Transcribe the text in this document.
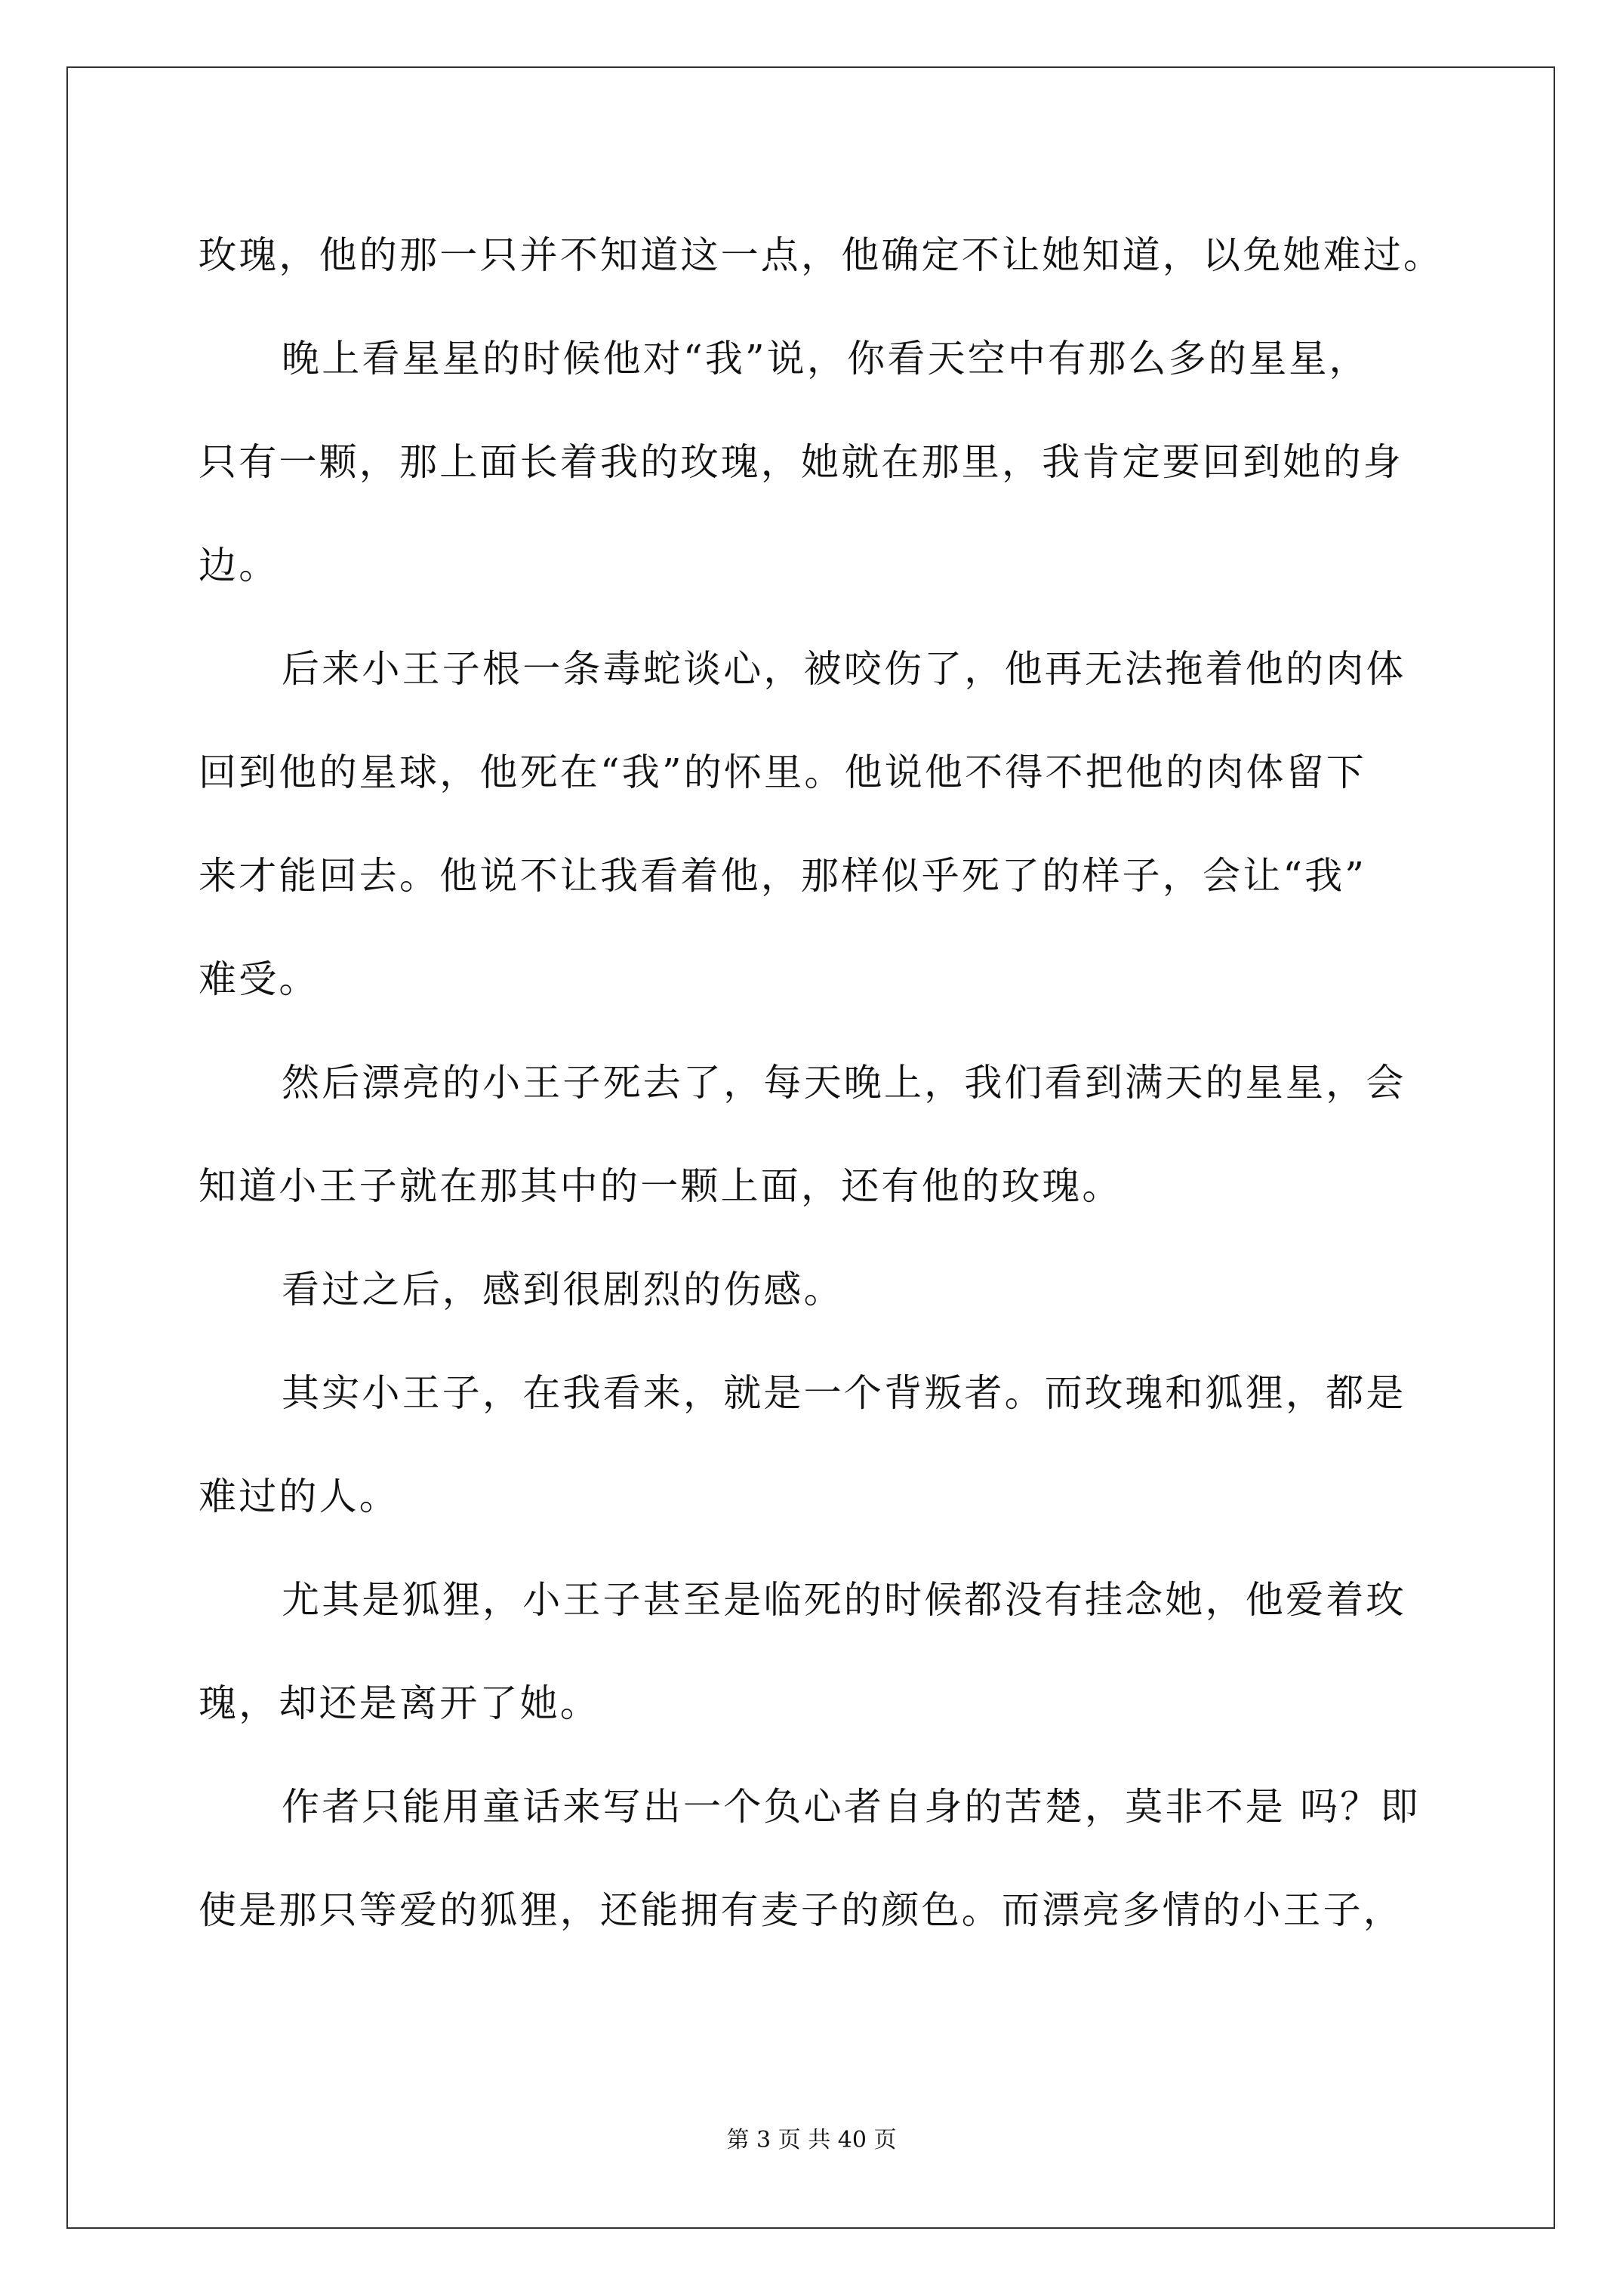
玫瑰，他的那一只并不知道这一点，他确定不让她知道，以免她难过。
晚上看星星的时候他对“我”说，你看天空中有那么多的星星，
只有一颗，那上面长着我的玫瑰，她就在那里，我肯定要回到她的身
边。
后来小王子根一条毒蛇谈心，被咬伤了，他再无法拖着他的肉体
回到他的星球，他死在“我”的怀里。他说他不得不把他的肉体留下
来才能回去。他说不让我看着他，那样似乎死了的样子，会让“我”
难受。
然后漂亮的小王子死去了，每天晚上，我们看到满天的星星，会
知道小王子就在那其中的一颗上面，还有他的玫瑰。
看过之后，感到很剧烈的伤感。
其实小王子，在我看来，就是一个背叛者。而玫瑰和狐狸，都是
难过的人。
尤其是狐狸，小王子甚至是临死的时候都没有挂念她，他爱着玫
瑰，却还是离开了她。
作者只能用童话来写出一个负心者自身的苦楚，莫非不是 吗？即
使是那只等爱的狐狸，还能拥有麦子的颜色。而漂亮多情的小王子，
第 3 页 共 40 页
